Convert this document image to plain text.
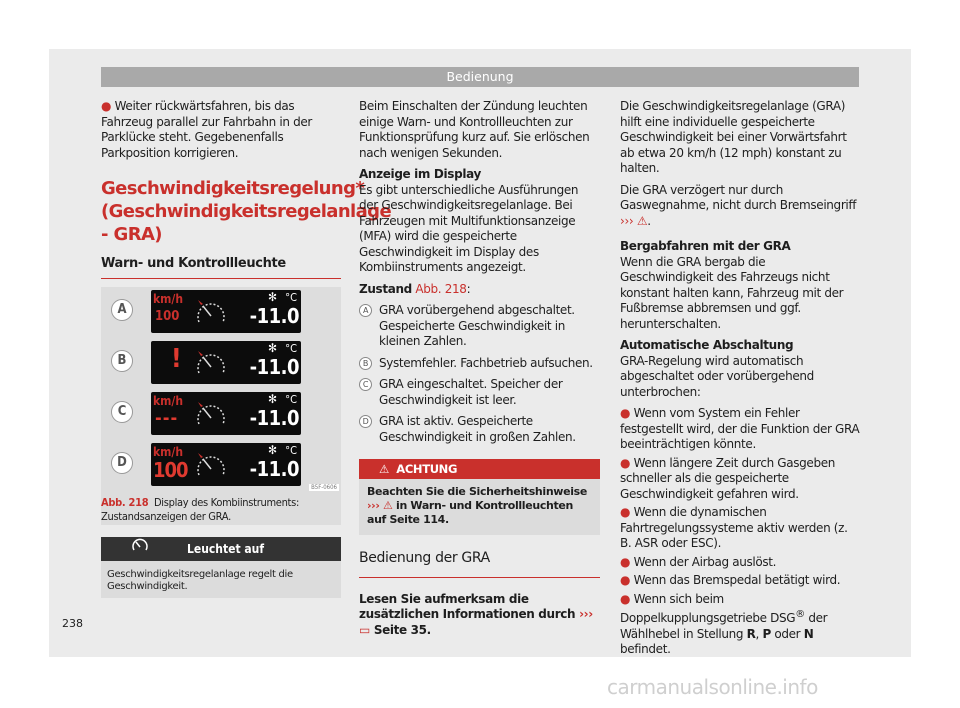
Bedienung

● Weiter rückwärtsfahren, bis das Fahrzeug parallel zur Fahrbahn in der Parklücke steht. Gegebenenfalls Parkposition korrigieren.

Geschwindigkeitsregelung* (Geschwindigkeitsregelanlage - GRA)
Warn- und Kontrollleuchte
A
km/h
100
✻ °C
-11.0
B !	✻ °C
-11.0
C
km/h
---
✻ °C
-11.0
D
km/h
100
✻ °C
-11.0
B5F-0606
Abb. 218 Display des Kombiinstruments: Zustandsanzeigen der GRA.
Leuchtet auf
Geschwindigkeitsregelanlage regelt die Geschwindigkeit.

Beim Einschalten der Zündung leuchten einige Warn- und Kontrollleuchten zur Funktionsprüfung kurz auf. Sie erlöschen nach wenigen Sekunden.

Anzeige im Display

Es gibt unterschiedliche Ausführungen der Geschwindigkeitsregelanlage. Bei Fahrzeugen mit Multifunktionsanzeige (MFA) wird die gespeicherte Geschwindigkeit im Display des Kombiinstruments angezeigt.

Zustand Abb. 218:

A GRA vorübergehend abgeschaltet. Gespeicherte Geschwindigkeit in kleinen Zahlen.
B Systemfehler. Fachbetrieb aufsuchen.
C GRA eingeschaltet. Speicher der Geschwindigkeit ist leer.
D GRA ist aktiv. Gespeicherte Geschwindigkeit in großen Zahlen.
⚠ ACHTUNG
Beachten Sie die Sicherheitshinweise ››› ⚠ in Warn- und Kontrollleuchten auf Seite 114.
Bedienung der GRA

Lesen Sie aufmerksam die zusätzlichen Informationen durch ››› ▭ Seite 35.

Die Geschwindigkeitsregelanlage (GRA) hilft eine individuelle gespeicherte Geschwindigkeit bei einer Vorwärtsfahrt ab etwa 20 km/h (12 mph) konstant zu halten.

Die GRA verzögert nur durch Gaswegnahme, nicht durch Bremseingriff ››› ⚠.

Bergabfahren mit der GRA

Wenn die GRA bergab die Geschwindigkeit des Fahrzeugs nicht konstant halten kann, Fahrzeug mit der Fußbremse abbremsen und ggf. herunterschalten.

Automatische Abschaltung

GRA-Regelung wird automatisch abgeschaltet oder vorübergehend unterbrochen:

● Wenn vom System ein Fehler festgestellt wird, der die Funktion der GRA beeinträchtigen könnte.

● Wenn längere Zeit durch Gasgeben schneller als die gespeicherte Geschwindigkeit gefahren wird.

● Wenn die dynamischen Fahrtregelungssysteme aktiv werden (z. B. ASR oder ESC).

● Wenn der Airbag auslöst.

● Wenn das Bremspedal betätigt wird.

● Wenn sich beim Doppelkupplungsgetriebe DSG® der Wählhebel in Stellung R, P oder N befindet.

238
carmanualsonline.info
